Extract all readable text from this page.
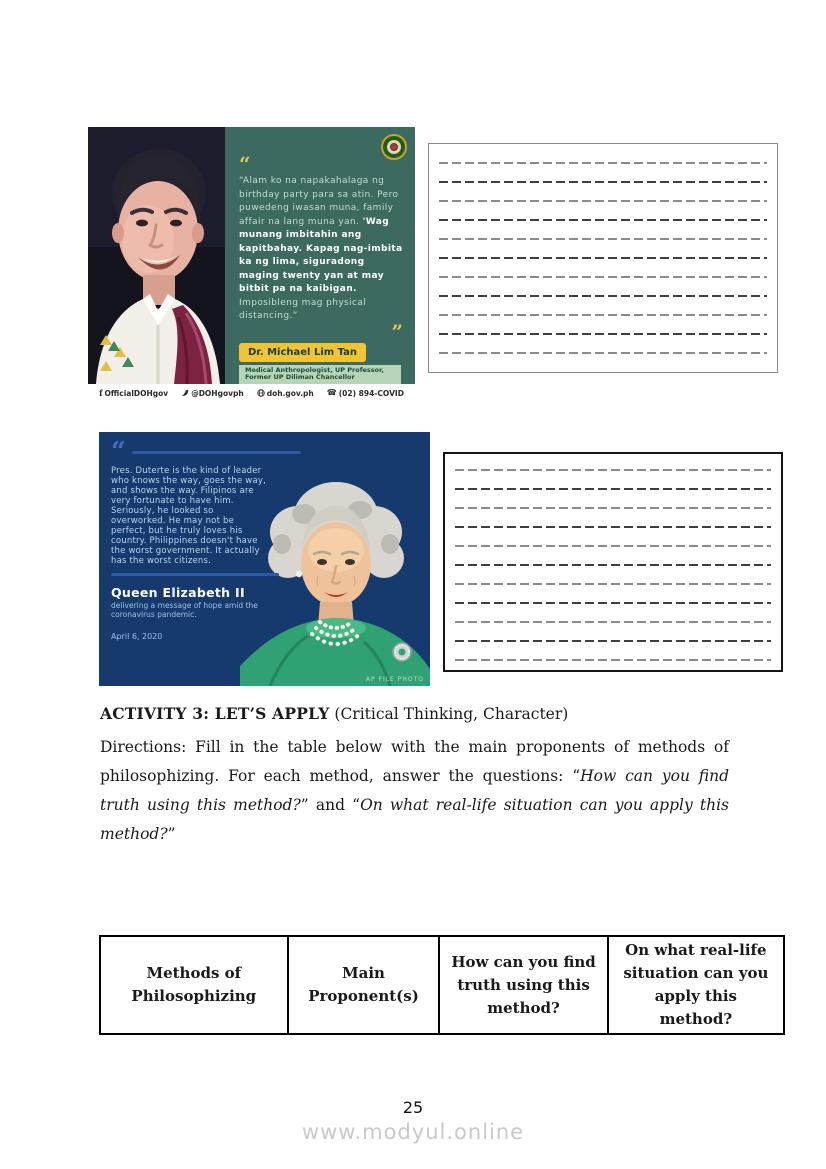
“
“Alam ko na napakahalaga ng birthday party para sa atin. Pero puwedeng iwasan muna, family affair na lang muna yan. 'Wag munang imbitahin ang kapitbahay. Kapag nag-imbita ka ng lima, siguradong maging twenty yan at may bitbit pa na kaibigan. Imposibleng mag physical distancing.”
”
Dr. Michael Lim Tan
Medical Anthropologist, UP Professor, Former UP Diliman Chancellor
f OfficialDOHgov	@DOHgovph	doh.gov.ph ☎ (02) 894-COVID
“
Pres. Duterte is the kind of leader who knows the way, goes the way, and shows the way. Filipinos are very fortunate to have him. Seriously, he looked so overworked. He may not be perfect, but he truly loves his country. Philippines doesn't have the worst government. It actually has the worst citizens.
Queen Elizabeth II
delivering a message of hope amid the coronavirus pandemic.
April 6, 2020
AP FILE PHOTO
ACTIVITY 3: LET’S APPLY (Critical Thinking, Character)
Directions: Fill in the table below with the main proponents of methods of philosophizing. For each method, answer the questions: “How can you find truth using this method?” and “On what real-life situation can you apply this method?”
Methods of Philosophizing	Main Proponent(s)	How can you find truth using this method?	On what real-life situation can you apply this method?
25
www.modyul.online
